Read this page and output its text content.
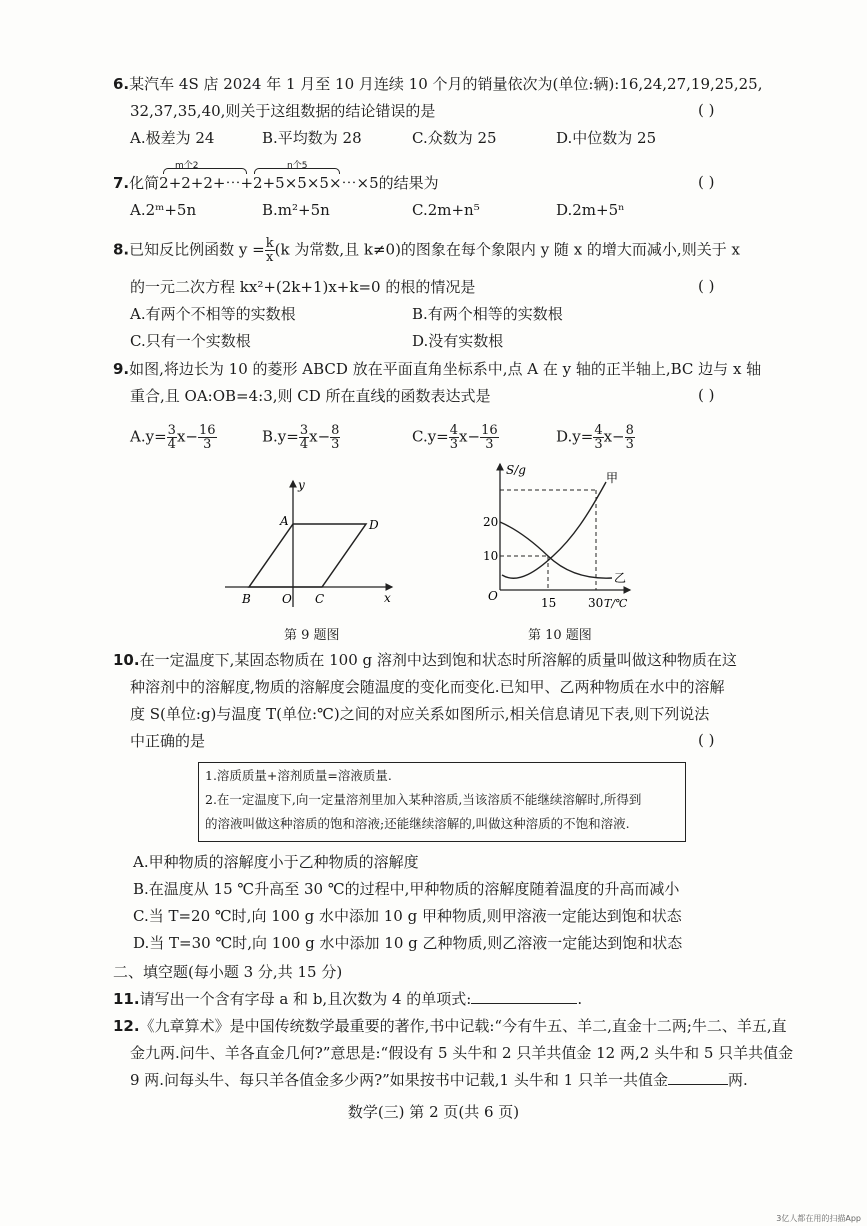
6.某汽车 4S 店 2024 年 1 月至 10 月连续 10 个月的销量依次为(单位:辆):16,24,27,19,25,25,
32,37,35,40,则关于这组数据的结论错误的是	( )
A.极差为 24	B.平均数为 28	C.众数为 25	D.中位数为 25
m个2	n个5
7.化简2+2+2+⋯+2+5×5×5×⋯×5的结果为	( )
A.2ᵐ+5n	B.m²+5n	C.2m+n⁵	D.2m+5ⁿ
8.已知反比例函数 $y = \frac{k}{x} (k$ 为常数,且 k≠0)的图象在每个象限内 y 随 x 的增大而减小,则关于 x
的一元二次方程 kx²+(2k+1)x+k=0 的根的情况是	( )
A.有两个不相等的实数根	B.有两个相等的实数根
C.只有一个实数根	D.没有实数根
9.如图,将边长为 10 的菱形 ABCD 放在平面直角坐标系中,点 A 在 y 轴的正半轴上,BC 边与 x 轴
重合,且 OA:OB=4:3,则 CD 所在直线的函数表达式是	( )
$A.y= \frac{3}{4} x- \frac{16}{3}$	$B.y= \frac{3}{4} x- \frac{8}{3}$	$C.y= \frac{4}{3} x- \frac{16}{3}$	$D.y= \frac{4}{3} x- \frac{8}{3}$
y
x
A	D
B	O C
第 9 题图
S/g
甲
乙
20
10
O	15	30 T/℃
第 10 题图
10.在一定温度下,某固态物质在 100 g 溶剂中达到饱和状态时所溶解的质量叫做这种物质在这
种溶剂中的溶解度,物质的溶解度会随温度的变化而变化.已知甲、乙两种物质在水中的溶解
度 S(单位:g)与温度 T(单位:℃)之间的对应关系如图所示,相关信息请见下表,则下列说法
中正确的是	( )
1.溶质质量+溶剂质量=溶液质量.
2.在一定温度下,向一定量溶剂里加入某种溶质,当该溶质不能继续溶解时,所得到
的溶液叫做这种溶质的饱和溶液;还能继续溶解的,叫做这种溶质的不饱和溶液.
A.甲种物质的溶解度小于乙种物质的溶解度
B.在温度从 15 ℃升高至 30 ℃的过程中,甲种物质的溶解度随着温度的升高而减小
C.当 T=20 ℃时,向 100 g 水中添加 10 g 甲种物质,则甲溶液一定能达到饱和状态
D.当 T=30 ℃时,向 100 g 水中添加 10 g 乙种物质,则乙溶液一定能达到饱和状态
二、填空题(每小题 3 分,共 15 分)
11.请写出一个含有字母 a 和 b,且次数为 4 的单项式:	.
12.《九章算术》是中国传统数学最重要的著作,书中记载:“今有牛五、羊二,直金十二两;牛二、羊五,直
金九两.问牛、羊各直金几何?”意思是:“假设有 5 头牛和 2 只羊共值金 12 两,2 头牛和 5 只羊共值金
9 两.问每头牛、每只羊各值金多少两?”如果按书中记载,1 头牛和 1 只羊一共值金	两.
数学(三) 第 2 页(共 6 页)
3亿人都在用的扫描App
